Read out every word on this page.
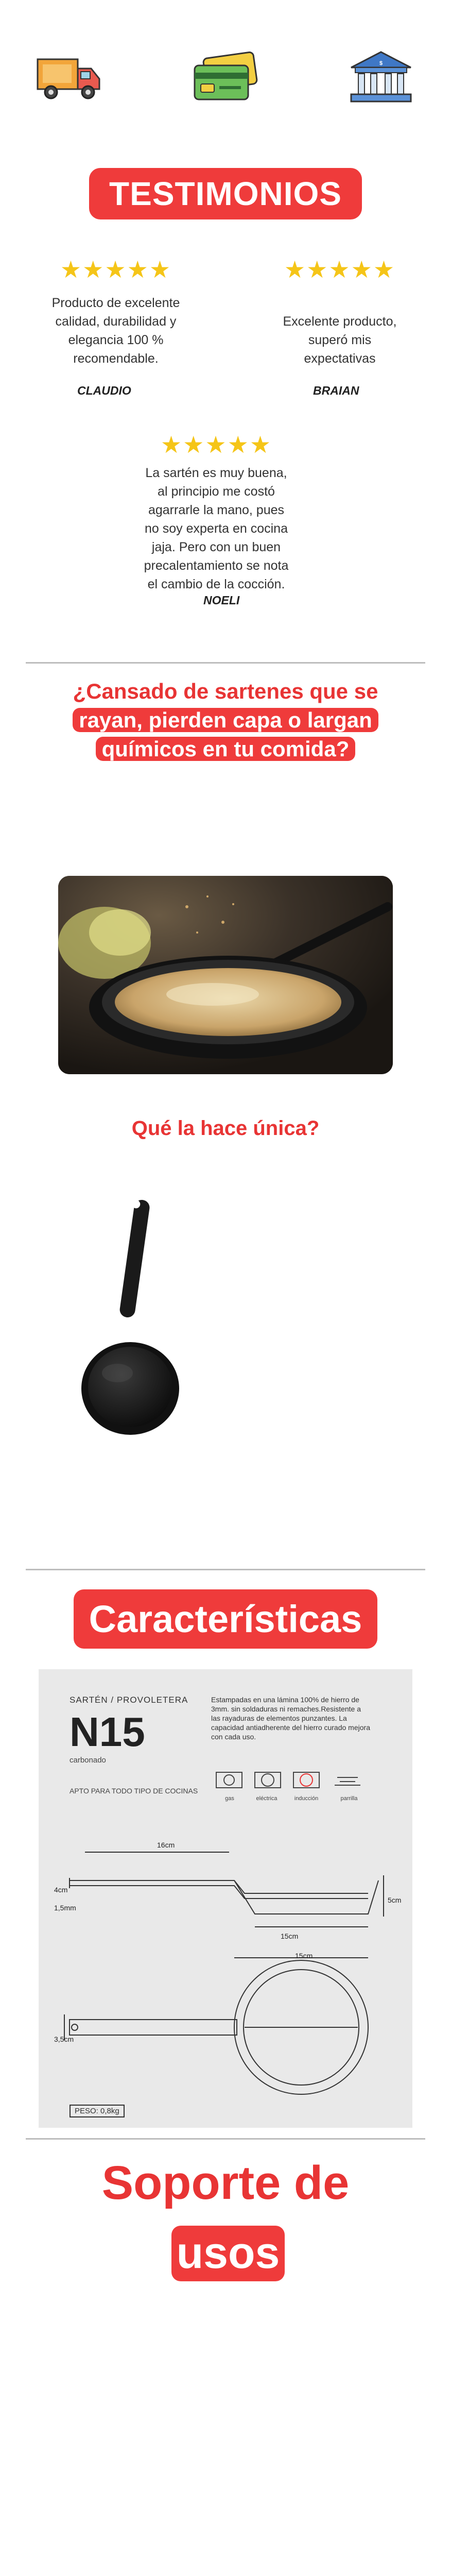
$
TESTIMONIOS
★★★★★
Producto de excelente calidad, durabilidad y elegancia 100 % recomendable.
CLAUDIO
★★★★★
Excelente producto, superó mis expectativas
BRAIAN
★★★★★
La sartén es muy buena, al principio me costó agarrarle la mano, pues no soy experta en cocina jaja. Pero con un buen precalentamiento se nota el cambio de la cocción.
NOELI
¿Cansado de sartenes que se
rayan, pierden capa o largan
químicos en tu comida?
Qué la hace única?
Características
SARTÉN / PROVOLETERA
N15
carbonado
Estampadas en una lámina 100% de hierro de 3mm. sin soldaduras ni remaches.Resistente a las rayaduras de elementos punzantes. La capacidad antiadherente del hierro curado mejora con cada uso.
APTO PARA TODO TIPO DE COCINAS
gas	eléctrica	inducción	parrilla
16cm
5cm
4cm
1,5mm
15cm
3,5cm
15cm
PESO: 0,8kg
Soporte de
usos
